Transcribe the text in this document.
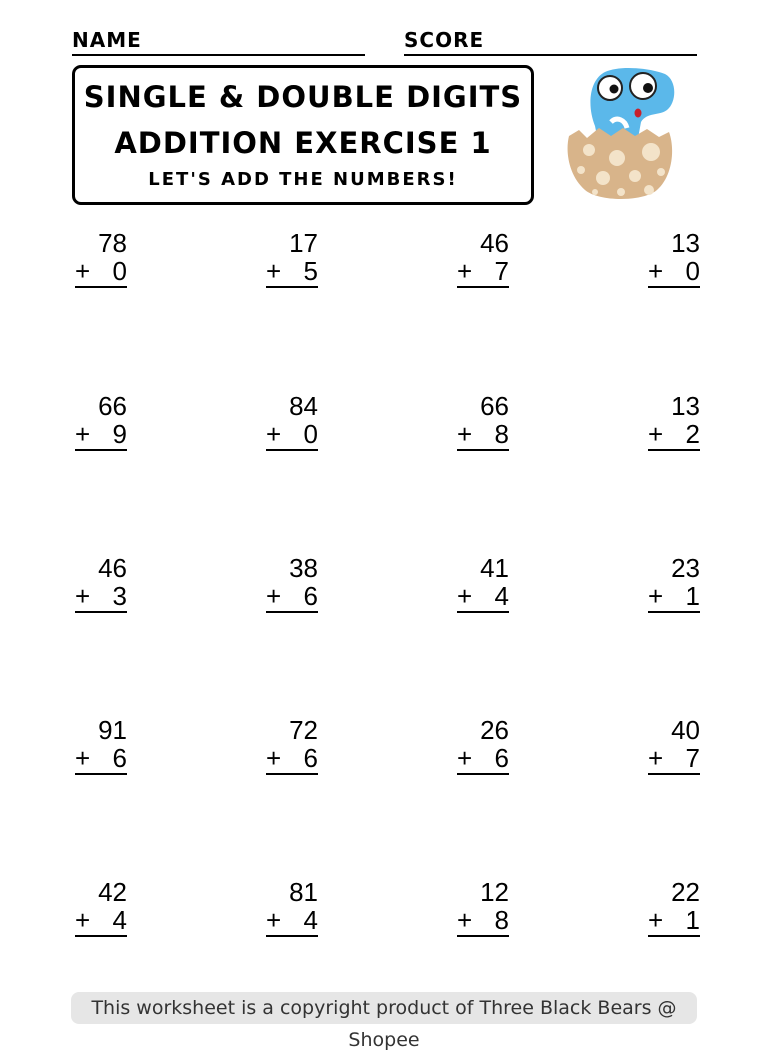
NAME	SCORE
SINGLE & DOUBLE DIGITS
ADDITION EXERCISE 1
LET'S ADD THE NUMBERS!
78
+ 0
17
+ 5
46
+ 7
13
+ 0
66
+ 9
84
+ 0
66
+ 8
13
+ 2
46
+ 3
38
+ 6
41
+ 4
23
+ 1
91
+ 6
72
+ 6
26
+ 6
40
+ 7
42
+ 4
81
+ 4
12
+ 8
22
+ 1
This worksheet is a copyright product of Three Black Bears @ Shopee
